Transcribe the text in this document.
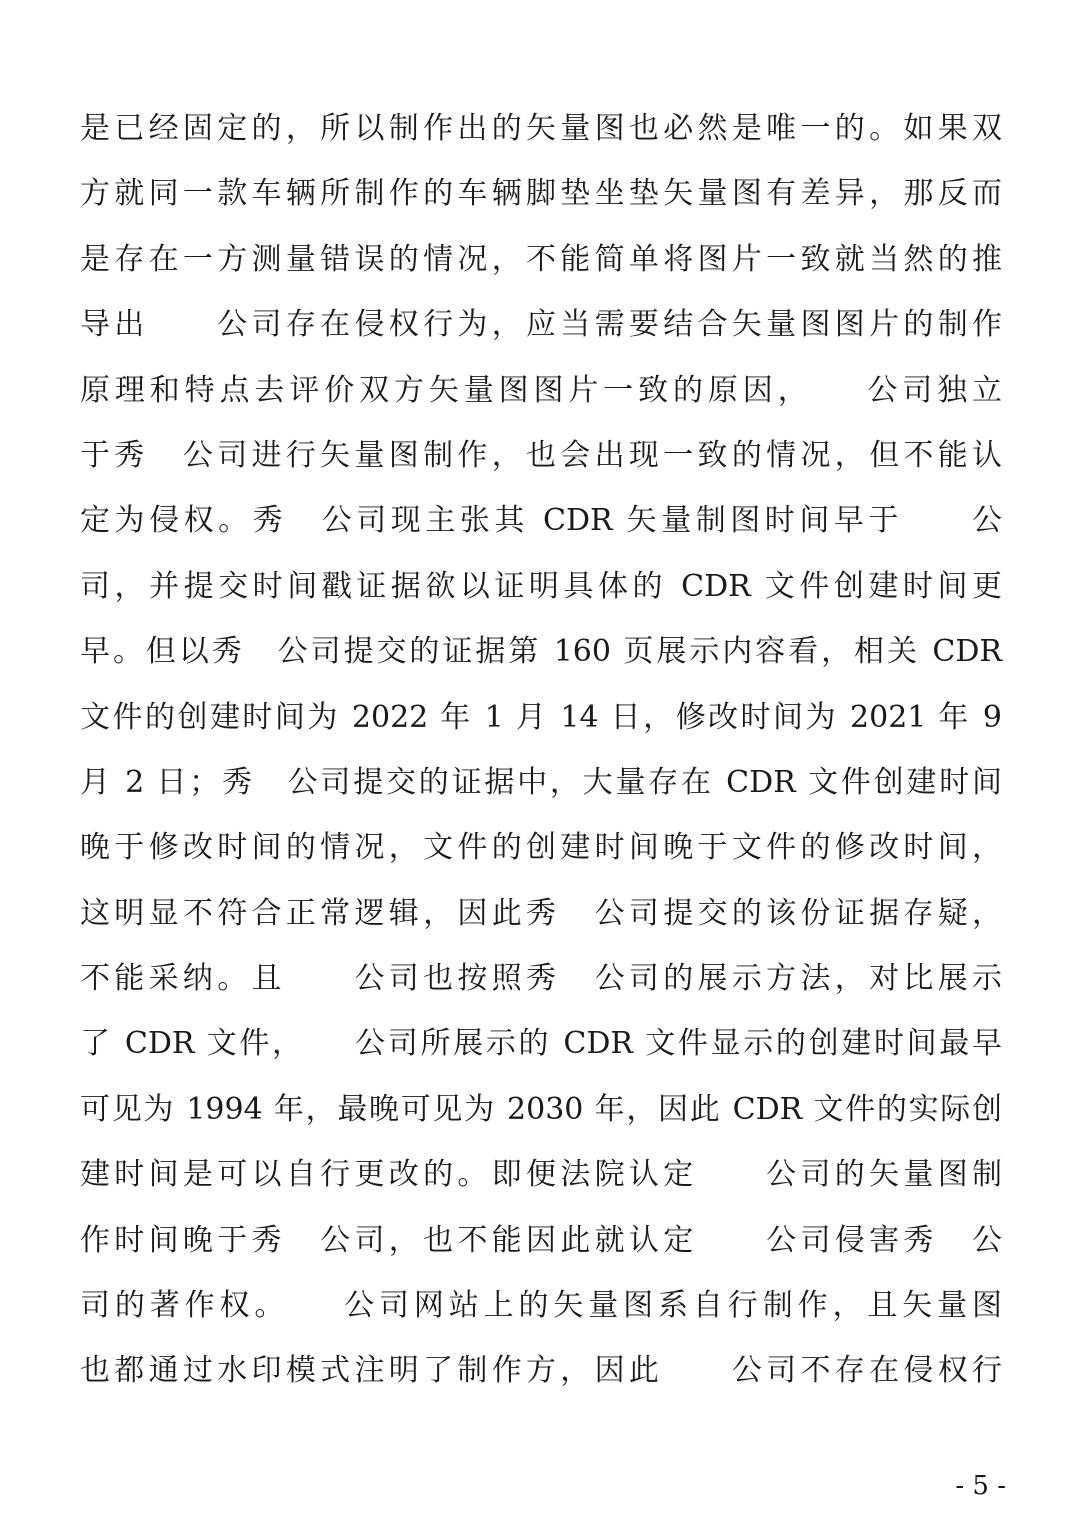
是已经固定的，所以制作出的矢量图也必然是唯一的。如果双
方就同一款车辆所制作的车辆脚垫坐垫矢量图有差异，那反而
是存在一方测量错误的情况，不能简单将图片一致就当然的推
导出　　公司存在侵权行为，应当需要结合矢量图图片的制作
原理和特点去评价双方矢量图图片一致的原因，　　公司独立
于秀　公司进行矢量图制作，也会出现一致的情况，但不能认
定为侵权。秀　公司现主张其 CDR 矢量制图时间早于　　公
司，并提交时间戳证据欲以证明具体的 CDR 文件创建时间更
早。但以秀　公司提交的证据第 160 页展示内容看，相关 CDR
文件的创建时间为 2022 年 1 月 14 日，修改时间为 2021 年 9
月 2 日；秀　公司提交的证据中，大量存在 CDR 文件创建时间
晚于修改时间的情况，文件的创建时间晚于文件的修改时间，
这明显不符合正常逻辑，因此秀　公司提交的该份证据存疑，
不能采纳。且　　公司也按照秀　公司的展示方法，对比展示
了 CDR 文件，　　公司所展示的 CDR 文件显示的创建时间最早
可见为 1994 年，最晚可见为 2030 年，因此 CDR 文件的实际创
建时间是可以自行更改的。即便法院认定　　公司的矢量图制
作时间晚于秀　公司，也不能因此就认定　　公司侵害秀　公
司的著作权。　　公司网站上的矢量图系自行制作，且矢量图
也都通过水印模式注明了制作方，因此　　公司不存在侵权行
- 5 -
